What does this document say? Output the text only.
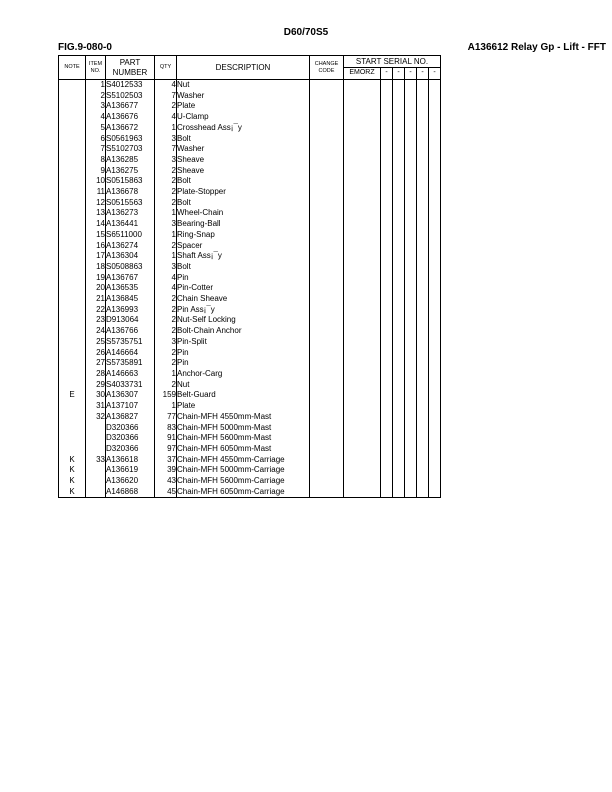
D60/70S5
FIG.9-080-0	A136612 Relay Gp - Lift - FFT
NOTE	ITEM NO.	PART NUMBER	QTY	DESCRIPTION	CHANGE CODE	START SERIAL NO.					
						EMORZ	-	-	-	-	-
	1	S4012533	4	Nut							
	2	S5102503	7	Washer							
	3	A136677	2	Plate							
	4	A136676	4	U-Clamp							
	5	A136672	1	Crosshead Ass¡¯y							
	6	S0561963	3	Bolt							
	7	S5102703	7	Washer							
	8	A136285	3	Sheave							
	9	A136275	2	Sheave							
	10	S0515863	2	Bolt							
	11	A136678	2	Plate-Stopper							
	12	S0515563	2	Bolt							
	13	A136273	1	Wheel-Chain							
	14	A136441	3	Bearing-Ball							
	15	S6511000	1	Ring-Snap							
	16	A136274	2	Spacer							
	17	A136304	1	Shaft Ass¡¯y							
	18	S0508863	3	Bolt							
	19	A136767	4	Pin							
	20	A136535	4	Pin-Cotter							
	21	A136845	2	Chain Sheave							
	22	A136993	2	Pin Ass¡¯y							
	23	D913064	2	Nut-Self Locking							
	24	A136766	2	Bolt-Chain Anchor							
	25	S5735751	3	Pin-Split							
	26	A146664	2	Pin							
	27	S5735891	2	Pin							
	28	A146663	1	Anchor-Carg							
	29	S4033731	2	Nut							
E	30	A136307	159	Belt-Guard							
	31	A137107	1	Plate							
	32	A136827	77	Chain-MFH 4550mm-Mast							
		D320366	83	Chain-MFH 5000mm-Mast							
		D320366	91	Chain-MFH 5600mm-Mast							
		D320366	97	Chain-MFH 6050mm-Mast							
K	33	A136618	37	Chain-MFH 4550mm-Carriage							
K		A136619	39	Chain-MFH 5000mm-Carriage							
K		A136620	43	Chain-MFH 5600mm-Carriage							
K		A146868	45	Chain-MFH 6050mm-Carriage							
